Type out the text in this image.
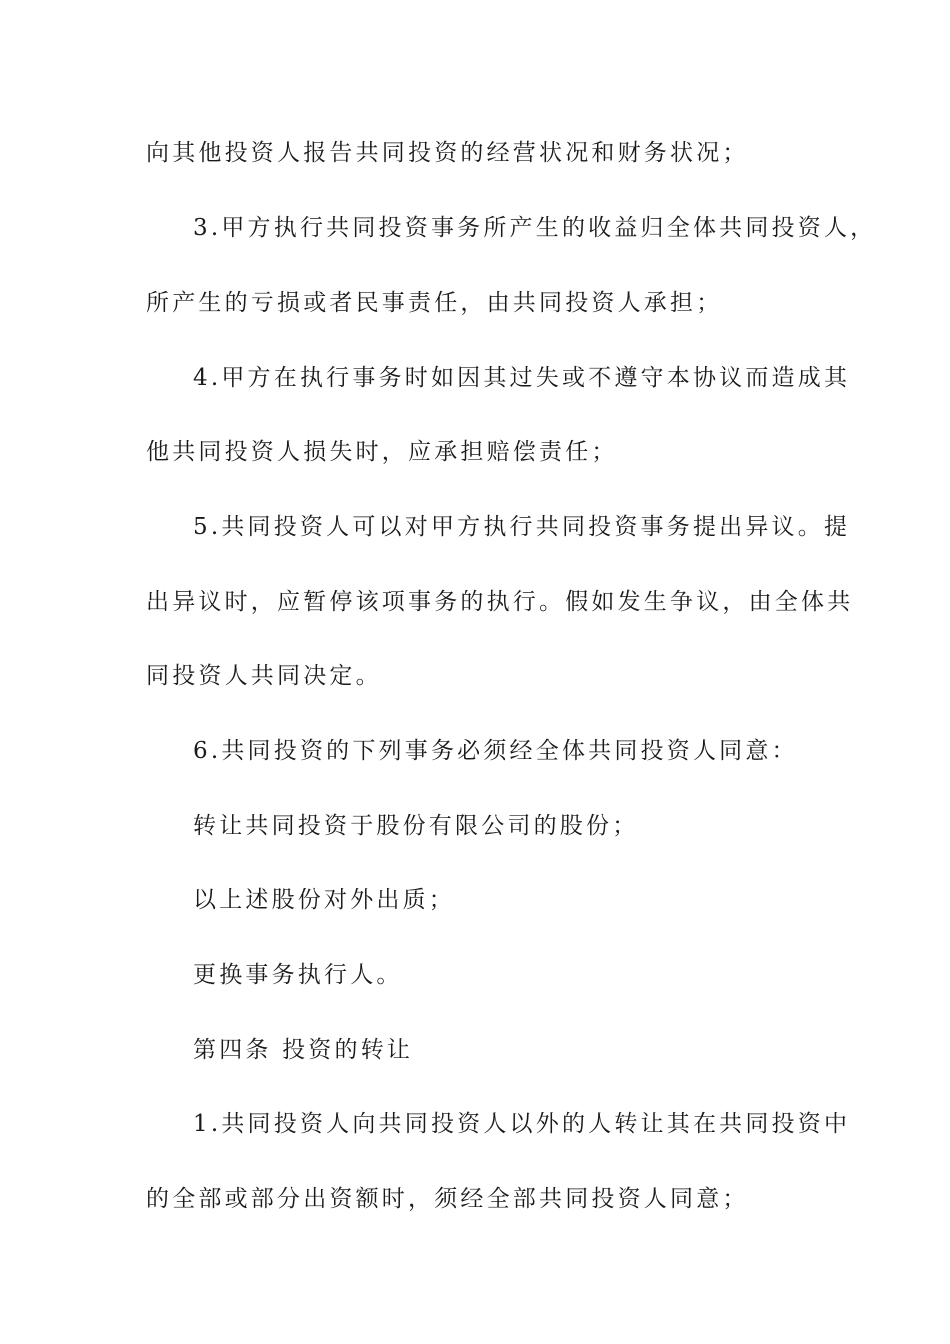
向其他投资人报告共同投资的经营状况和财务状况；
3.甲方执行共同投资事务所产生的收益归全体共同投资人，
所产生的亏损或者民事责任，由共同投资人承担；
4.甲方在执行事务时如因其过失或不遵守本协议而造成其
他共同投资人损失时，应承担赔偿责任；
5.共同投资人可以对甲方执行共同投资事务提出异议。提
出异议时，应暂停该项事务的执行。假如发生争议，由全体共
同投资人共同决定。
6.共同投资的下列事务必须经全体共同投资人同意：
转让共同投资于股份有限公司的股份；
以上述股份对外出质；
更换事务执行人。
第四条 投资的转让
1.共同投资人向共同投资人以外的人转让其在共同投资中
的全部或部分出资额时，须经全部共同投资人同意；
